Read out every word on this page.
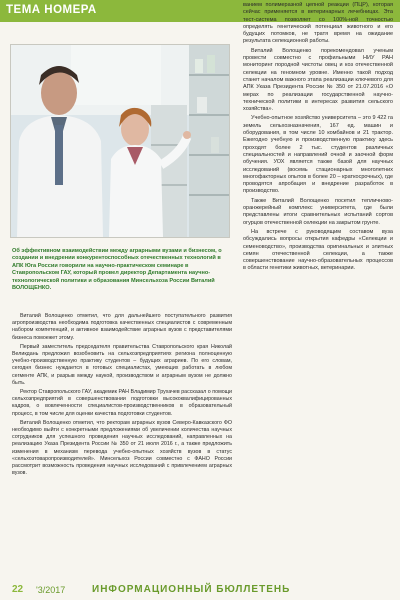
ТЕМА НОМЕРА
Об эффективном взаимодействии между аграрными вузами и бизнесом, о создании и внедрении конкурентоспособных отечественных технологий в АПК Юга России говорили на научно-практическом семинаре в Ставропольском ГАУ, который провел директор Департамента научно-технологической политики и образования Минсельхоза России Виталий ВОЛОЩЕНКО.

Виталий Волощенко отметил, что для дальнейшего поступательного развития агропроизводства необходима подготовка качественных специалистов с современным набором компетенций, и активное взаимодействие аграрных вузов с представителями бизнеса помоежет этому.

Первый заместитель председателя правительства Ставропольского края Николай Великдань предложил возобновить на сельхозпредприятиях региона полноценную учебно-производственную практику студентов – будущих аграриев. По его словам, сегодня бизнес нуждается в готовых специалистах, умеющих работать в любом сегменте АПК, и разрыв между наукой, производством и аграрным вузом не должно быть.

Ректор Ставропольского ГАУ, академик РАН Владимир Трухачев рассказал о помощи сельхозпредприятий в совершенствовании подготовки высококвалифицированных кадров, о вовлеченности специалистов-производственников в образовательный процесс, в том числе для оценки качества подготовки студентов.

Виталий Волощенко отметил, что ректорам аграрных вузов Северо-Кавказского ФО необходимо выйти с конкретными предложениями об увеличении количества научных сотрудников для успешного проведения научных исследований, направленных на реализацию Указа Президента России № 350 от 21 июля 2016 г., а также предложить изменения в механизм перевода учебно-опытных хозяйств вузов в статус «сельхозтоваропроизводителей». Минсельхоз России совместно с ФАНО России рассмотрит возможность проведения научных исследований с привлечением аграрных вузов.

ванием полимеразной цепной реакции (ПЦР), которая сейчас применяется в ветеринарных лечебницах. Эта тест-система позволяет со 100%-ной точностью определять генетический потенциал животного и его будущих потомков, не тратя время на ожидание результата селекционной работы.

Виталий Волощенко порекомендовал ученым провести совместно с профильными НИУ РАН мониторинг породной чистоты овец и коз отечественной селекции на геномном уровне. Именно такой подход станет началом важного этапа реализации ключевого для АПК Указа Президента России № 350 от 21.07.2016 «О мерах по реализации государственной научно-технической политики в интересах развития сельского хозяйства».

Учебно-опытное хозяйство университета – это 9 422 га земель сельхозназначения, 167 ед. машин и оборудования, в том числе 10 комбайнов и 21 трактор. Ежегодно учебную и производственную практику здесь проходят более 2 тыс. студентов различных специальностей и направлений очной и заочной форм обучения. УОХ является также базой для научных исследований (восемь стационарных многолетних многофакторных опытов в более 20 – краткосрочных), где проводятся апробация и внедрение разработок в производство.

Также Виталий Волощенко посетил тепличново-оранжерейный комплекс университета, где были представлены итоги сравнительных испытаний сортов огурцов отечественной селекции на закрытом грунте.

На встрече с руководящим составом вуза обсуждались вопросы открытия кафедры «Селекции и семеноводство», производства оригинальных и элитных семян отечественной селекции, а также совершенствование научно-образовательных процессов в области генетики животных, ветеринарии.

22 '3/2017	ИНФОРМАЦИОННЫЙ БЮЛЛЕТЕНЬ
